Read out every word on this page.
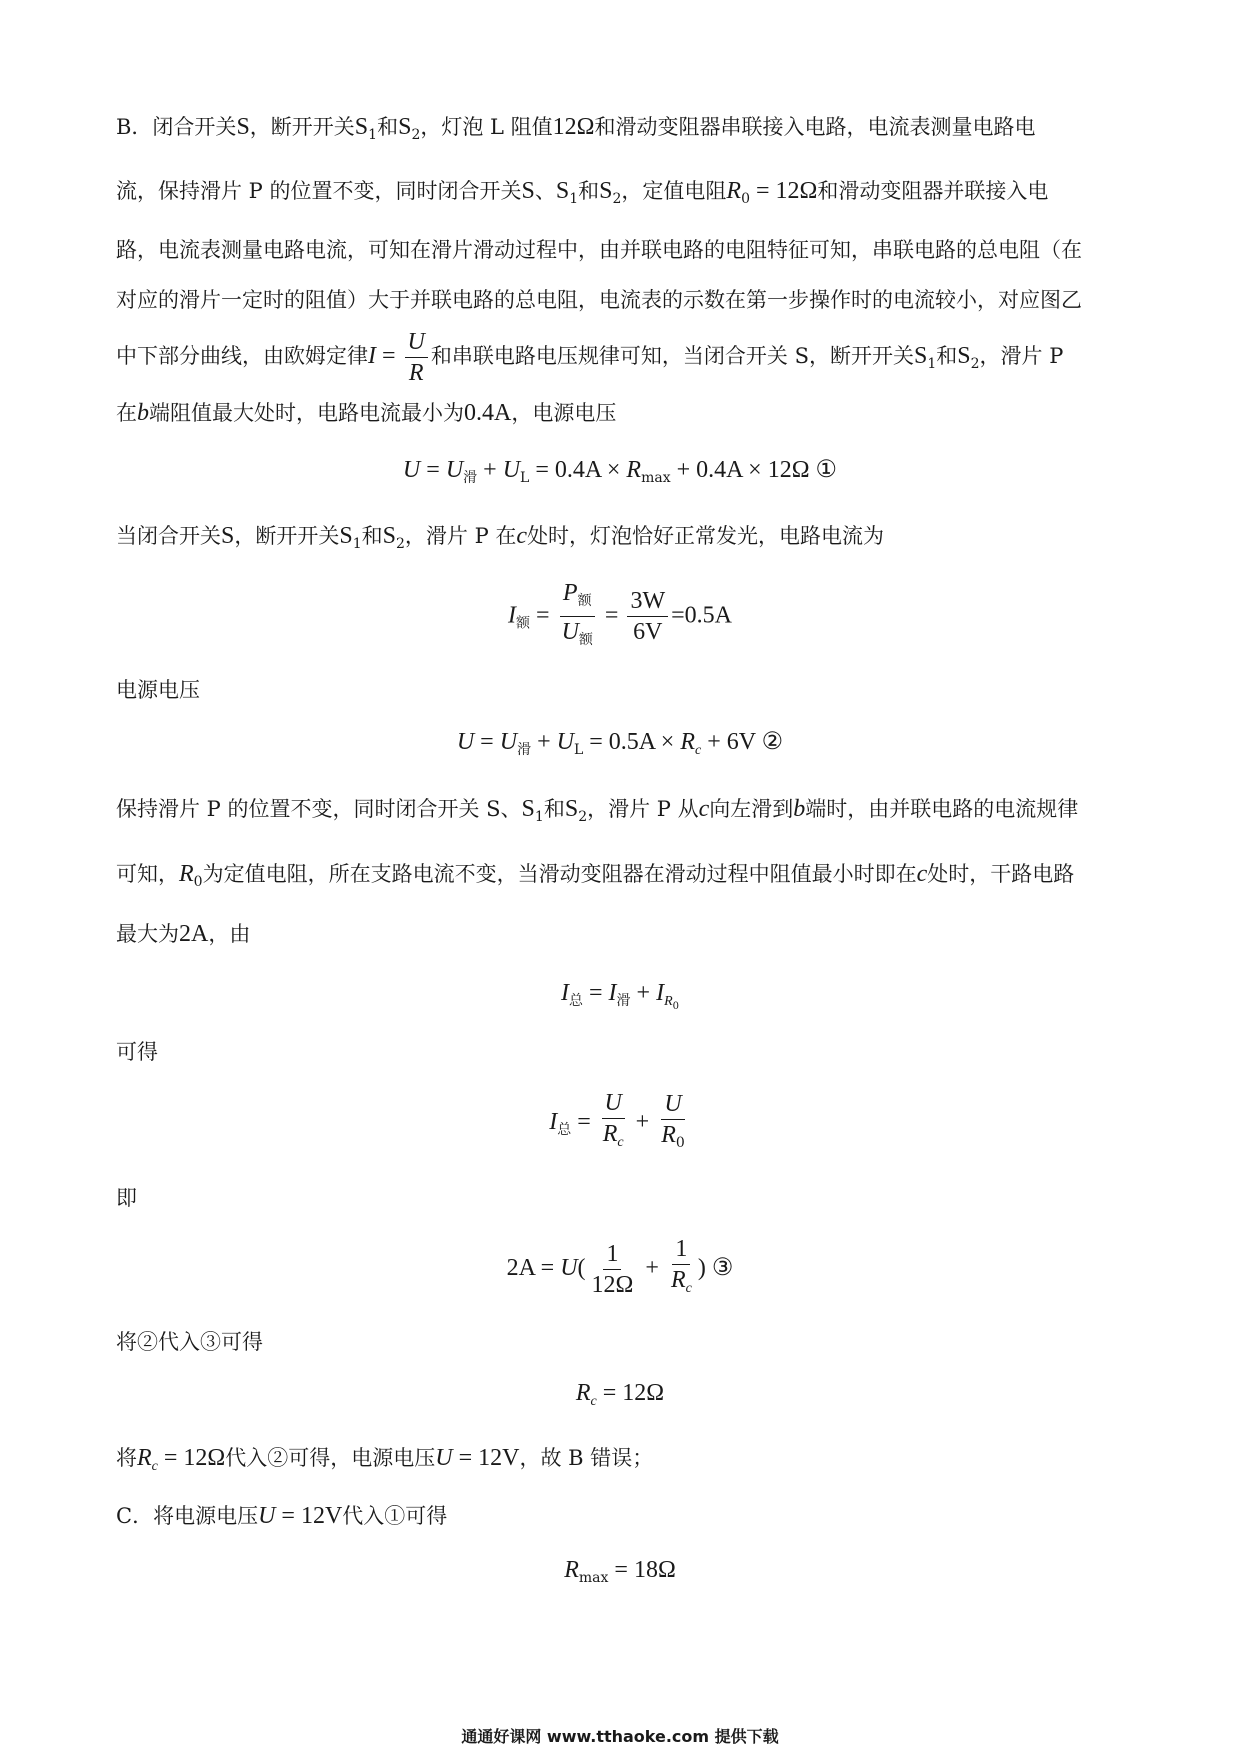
B．闭合开关S，断开开关$S_1$和$S_2$，灯泡 L 阻值12Ω和滑动变阻器串联接入电路，电流表测量电路电
流，保持滑片 P 的位置不变，同时闭合开关S、$S_1$和$S_2$，定值电阻$R_0 = 12\Omega$和滑动变阻器并联接入电
路，电流表测量电路电流，可知在滑片滑动过程中，由并联电路的电阻特征可知，串联电路的总电阻（在
对应的滑片一定时的阻值）大于并联电路的总电阻，电流表的示数在第一步操作时的电流较小，对应图乙
中下部分曲线，由欧姆定律$I = \frac{U}{R}$ 和串联电路电压规律可知，当闭合开关 S，断开开关$S_1$和$S_2$，滑片 P
在b端阻值最大处时，电路电流最小为0.4A，电源电压
$U = U_滑 + U_L = 0.4A \times R_{max} + 0.4A \times 12\Omega$ ①
当闭合开关S，断开开关$S_1$和$S_2$，滑片 P 在c处时，灯泡恰好正常发光，电路电流为
$I_额 = \frac{P_额}{U_额} = \frac{3W}{6V} =0.5A$
电源电压
$U = U_滑 + U_L = 0.5A \times R_c + 6V$ ②
保持滑片 P 的位置不变，同时闭合开关 S、$S_1$和$S_2$，滑片 P 从c向左滑到b端时，由并联电路的电流规律
可知，$R_0$为定值电阻，所在支路电流不变，当滑动变阻器在滑动过程中阻值最小时即在c处时，干路电路
最大为2A，由
$I_总 = I_滑 + I_{R0}$
可得
$I_总 = \frac{U}{R_c} + \frac{U}{R_0}$
即
$2A = U( \frac{1}{12\Omega} + \frac{1}{R_c}$ ) ③
将②代入③可得
$R_c = 12\Omega$
将$R_c = 12\Omega$代入②可得，电源电压U = 12V，故 B 错误；
C．将电源电压U = 12V代入①可得
$R_{max} = 18\Omega$
通通好课网 www.tthaoke.com 提供下载
